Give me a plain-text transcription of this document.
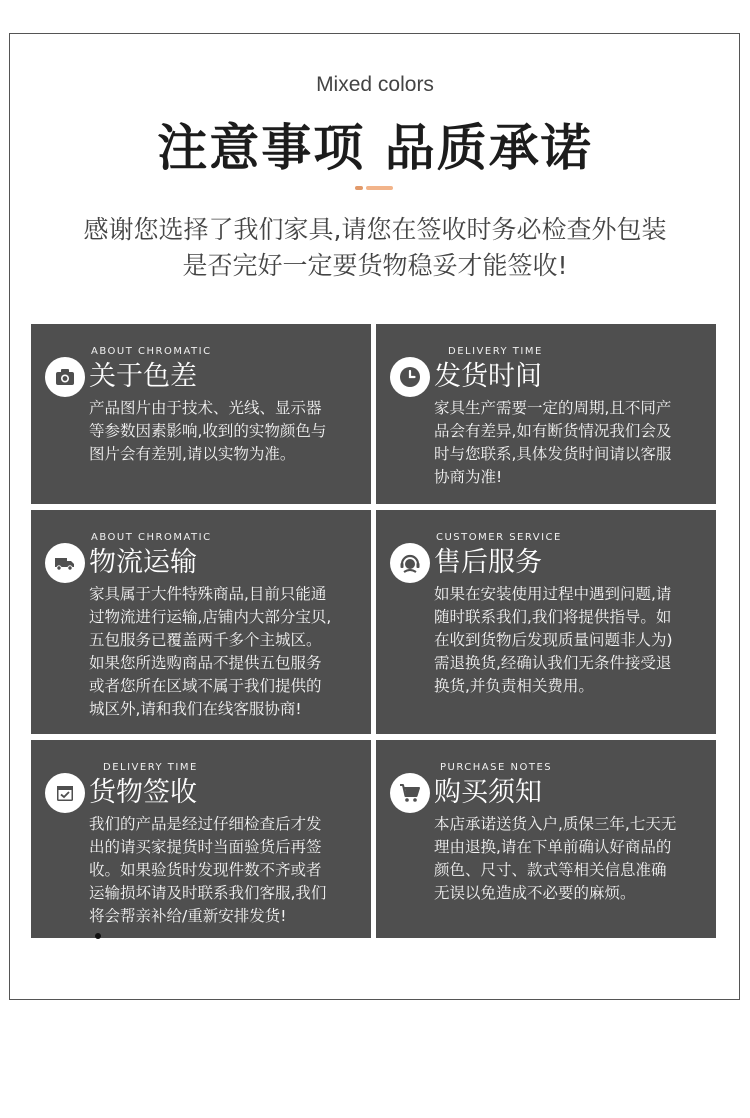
Mixed colors
注意事项 品质承诺
感谢您选择了我们家具,请您在签收时务必检查外包装
是否完好一定要货物稳妥才能签收!
ABOUT CHROMATIC
关于色差
产品图片由于技术、光线、显示器
等参数因素影响,收到的实物颜色与
图片会有差别,请以实物为准。
DELIVERY TIME
发货时间
家具生产需要一定的周期,且不同产
品会有差异,如有断货情况我们会及
时与您联系,具体发货时间请以客服
协商为准!
ABOUT CHROMATIC
物流运输
家具属于大件特殊商品,目前只能通
过物流进行运输,店铺内大部分宝贝,
五包服务已覆盖两千多个主城区。
如果您所选购商品不提供五包服务
或者您所在区域不属于我们提供的
城区外,请和我们在线客服协商!
CUSTOMER SERVICE
售后服务
如果在安装使用过程中遇到问题,请
随时联系我们,我们将提供指导。如
在收到货物后发现质量问题非人为)
需退换货,经确认我们无条件接受退
换货,并负责相关费用。
DELIVERY TIME
货物签收
我们的产品是经过仔细检查后才发
出的请买家提货时当面验货后再签
收。如果验货时发现件数不齐或者
运输损坏请及时联系我们客服,我们
将会帮亲补给/重新安排发货!
PURCHASE NOTES
购买须知
本店承诺送货入户,质保三年,七天无
理由退换,请在下单前确认好商品的
颜色、尺寸、款式等相关信息准确
无误以免造成不必要的麻烦。
